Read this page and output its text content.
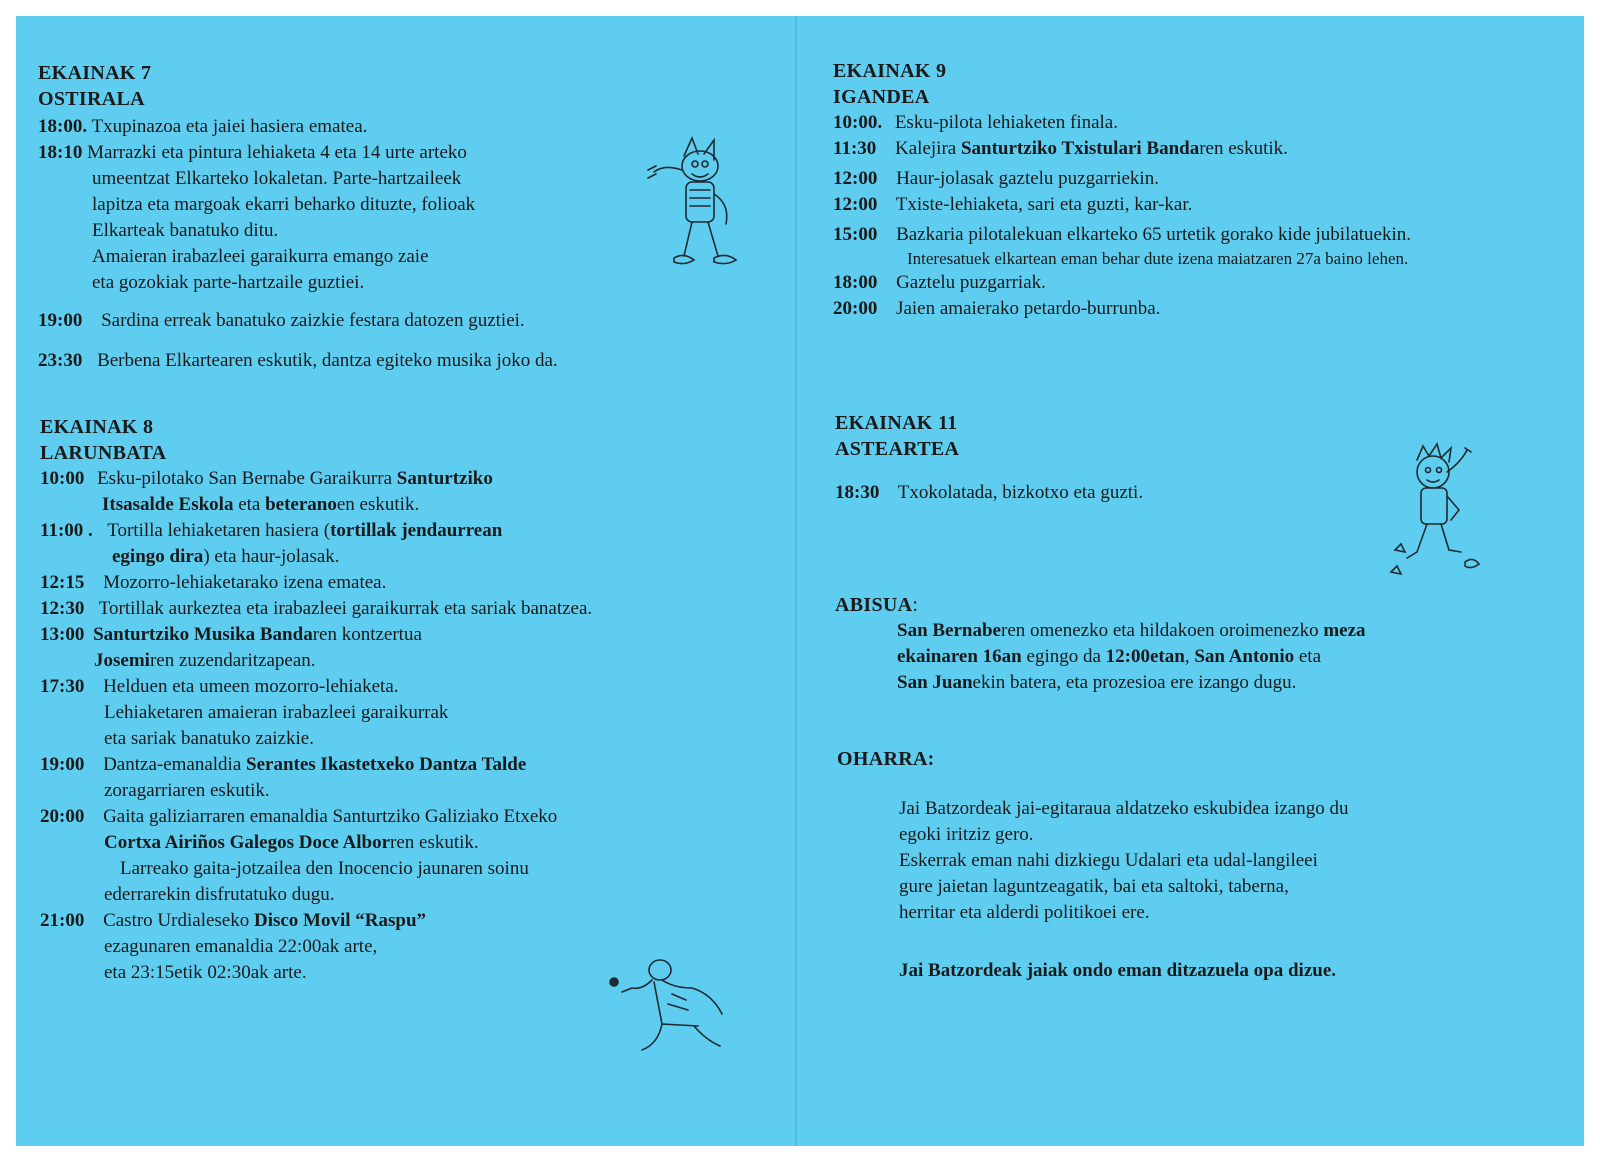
EKAINAK 7
OSTIRALA
18:00. Txupinazoa eta jaiei hasiera ematea.
18:10 Marrazki eta pintura lehiaketa 4 eta 14 urte arteko
umeentzat Elkarteko lokaletan. Parte-hartzaileek
lapitza eta margoak ekarri beharko dituzte, folioak
Elkarteak banatuko ditu.
Amaieran irabazleei garaikurra emango zaie
eta gozokiak parte-hartzaile guztiei.
19:00 Sardina erreak banatuko zaizkie festara datozen guztiei.
23:30 Berbena Elkartearen eskutik, dantza egiteko musika joko da.
EKAINAK 8
LARUNBATA
10:00 Esku-pilotako San Bernabe Garaikurra Santurtziko
Itsasalde Eskola eta beteranoen eskutik.
11:00 . Tortilla lehiaketaren hasiera (tortillak jendaurrean
egingo dira) eta haur-jolasak.
12:15 Mozorro-lehiaketarako izena ematea.
12:30 Tortillak aurkeztea eta irabazleei garaikurrak eta sariak banatzea.
13:00 Santurtziko Musika Bandaren kontzertua
Josemiren zuzendaritzapean.
17:30 Helduen eta umeen mozorro-lehiaketa.
Lehiaketaren amaieran irabazleei garaikurrak
eta sariak banatuko zaizkie.
19:00 Dantza-emanaldia Serantes Ikastetxeko Dantza Talde
zoragarriaren eskutik.
20:00 Gaita galiziarraren emanaldia Santurtziko Galiziako Etxeko
Cortxa Airiños Galegos Doce Alborren eskutik.
Larreako gaita-jotzailea den Inocencio jaunaren soinu
ederrarekin disfrutatuko dugu.
21:00 Castro Urdialeseko Disco Movil “Raspu”
ezagunaren emanaldia 22:00ak arte,
eta 23:15etik 02:30ak arte.
EKAINAK 9
IGANDEA
10:00. Esku-pilota lehiaketen finala.
11:30 Kalejira Santurtziko Txistulari Bandaren eskutik.
12:00 Haur-jolasak gaztelu puzgarriekin.
12:00 Txiste-lehiaketa, sari eta guzti, kar-kar.
15:00 Bazkaria pilotalekuan elkarteko 65 urtetik gorako kide jubilatuekin.
Interesatuek elkartean eman behar dute izena maiatzaren 27a baino lehen.
18:00 Gaztelu puzgarriak.
20:00 Jaien amaierako petardo-burrunba.
EKAINAK 11
ASTEARTEA
18:30 Txokolatada, bizkotxo eta guzti.
ABISUA:
San Bernaberen omenezko eta hildakoen oroimenezko meza
ekainaren 16an egingo da 12:00etan, San Antonio eta
San Juanekin batera, eta prozesioa ere izango dugu.
OHARRA:
Jai Batzordeak jai-egitaraua aldatzeko eskubidea izango du
egoki iritziz gero.
Eskerrak eman nahi dizkiegu Udalari eta udal-langileei
gure jaietan laguntzeagatik, bai eta saltoki, taberna,
herritar eta alderdi politikoei ere.
Jai Batzordeak jaiak ondo eman ditzazuela opa dizue.
